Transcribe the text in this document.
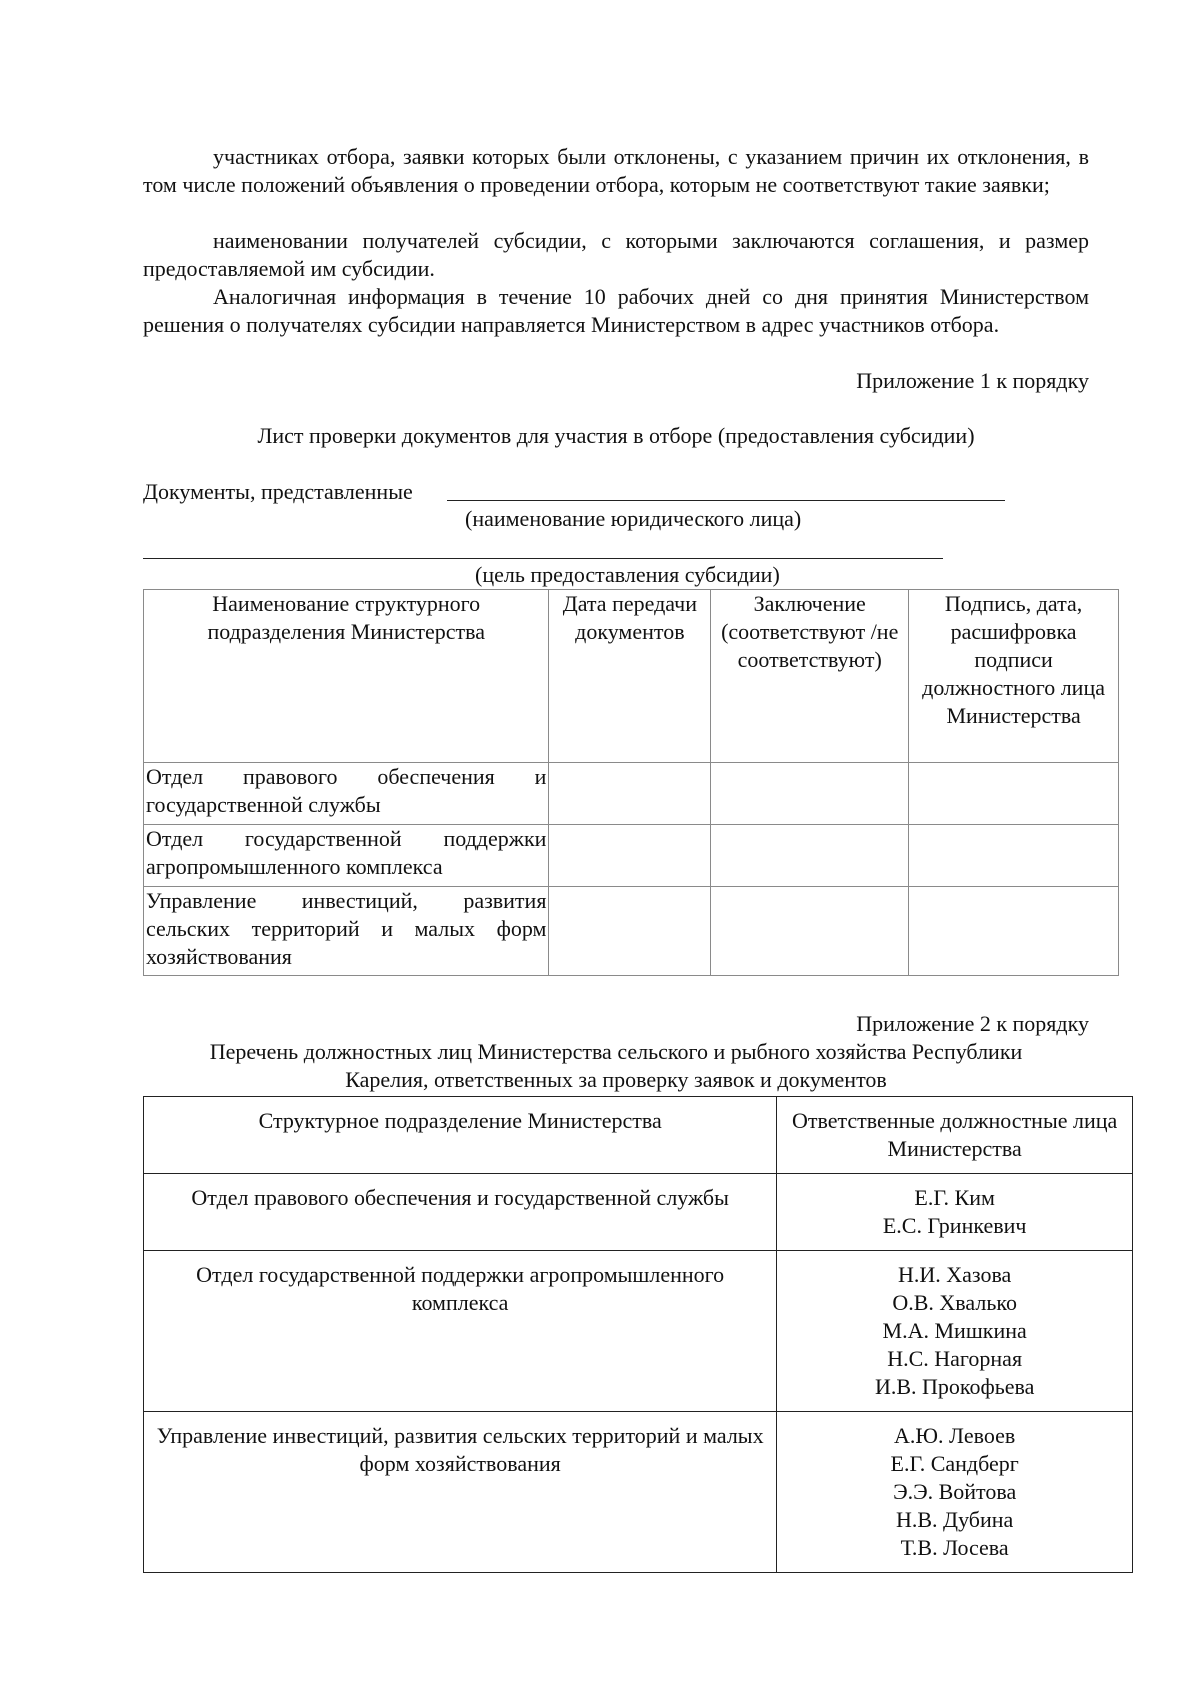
участниках отбора, заявки которых были отклонены, с указанием причин их отклонения, в том числе положений объявления о проведении отбора, которым не соответствуют такие заявки;
наименовании получателей субсидии, с которыми заключаются соглашения, и размер предоставляемой им субсидии.
Аналогичная информация в течение 10 рабочих дней со дня принятия Министерством решения о получателях субсидии направляется Министерством в адрес участников отбора.
Приложение 1 к порядку
Лист проверки документов для участия в отборе (предоставления субсидии)
Документы, представленные
(наименование юридического лица)
(цель предоставления субсидии)
Наименование структурного подразделения Министерства	Дата передачи документов	Заключение (соответствуют /не соответствуют)	Подпись, дата, расшифровка подписи должностного лица Министерства
Отдел правового обеспечения и государственной службы			
Отдел государственной поддержки агропромышленного комплекса			
Управление инвестиций, развития сельских территорий и малых форм хозяйствования			
Приложение 2 к порядку
Перечень должностных лиц Министерства сельского и рыбного хозяйства Республики
Карелия, ответственных за проверку заявок и документов
Структурное подразделение Министерства	Ответственные должностные лица Министерства
Отдел правового обеспечения и государственной службы	Е.Г. Ким
Е.С. Гринкевич

Отдел государственной поддержки агропромышленного комплекса	Н.И. Хазова
О.В. Хвалько
М.А. Мишкина
Н.С. Нагорная
И.В. Прокофьева

Управление инвестиций, развития сельских территорий и малых форм хозяйствования	А.Ю. Левоев
Е.Г. Сандберг
Э.Э. Войтова
Н.В. Дубина
Т.В. Лосева
